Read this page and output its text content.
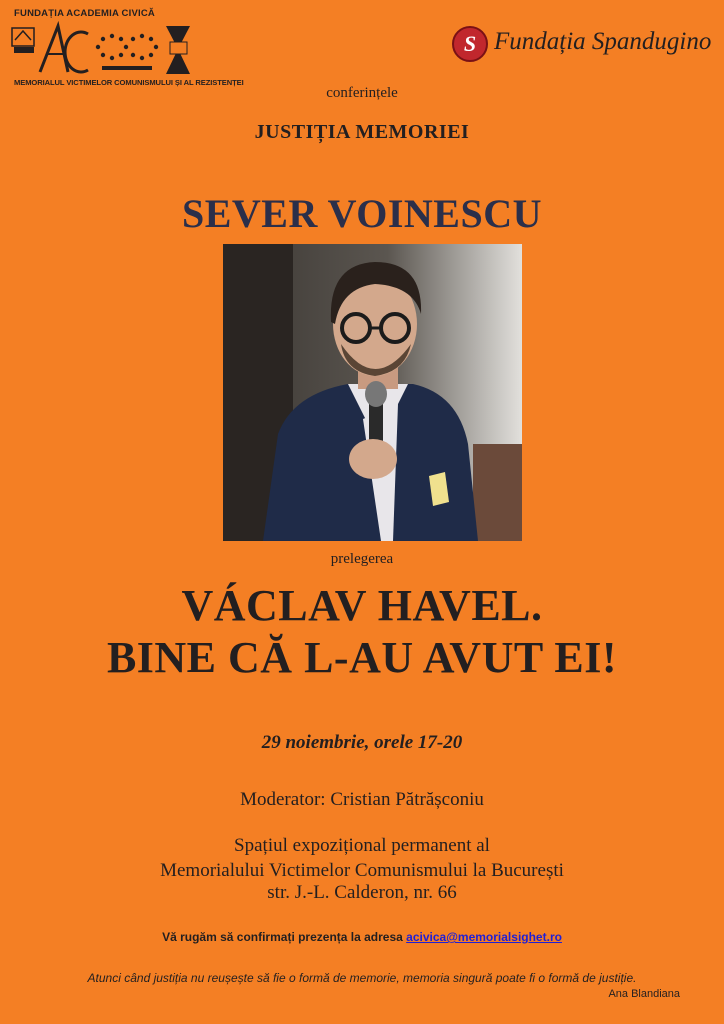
FUNDAȚIA ACADEMIA CIVICĂ
MEMORIALUL VICTIMELOR COMUNISMULUI ȘI AL REZISTENȚEI
S Fundația Spandugino
conferințele
JUSTIȚIA MEMORIEI
SEVER VOINESCU
prelegerea
VÁCLAV HAVEL.
BINE CĂ L-AU AVUT EI!
29 noiembrie, orele 17-20
Moderator: Cristian Pătrășconiu
Spațiul expozițional permanent al
Memorialului Victimelor Comunismului la București
str. J.-L. Calderon, nr. 66
Vă rugăm să confirmați prezența la adresa acivica@memorialsighet.ro
Atunci când justiția nu reușește să fie o formă de memorie, memoria singură poate fi o formă de justiție.
Ana Blandiana
